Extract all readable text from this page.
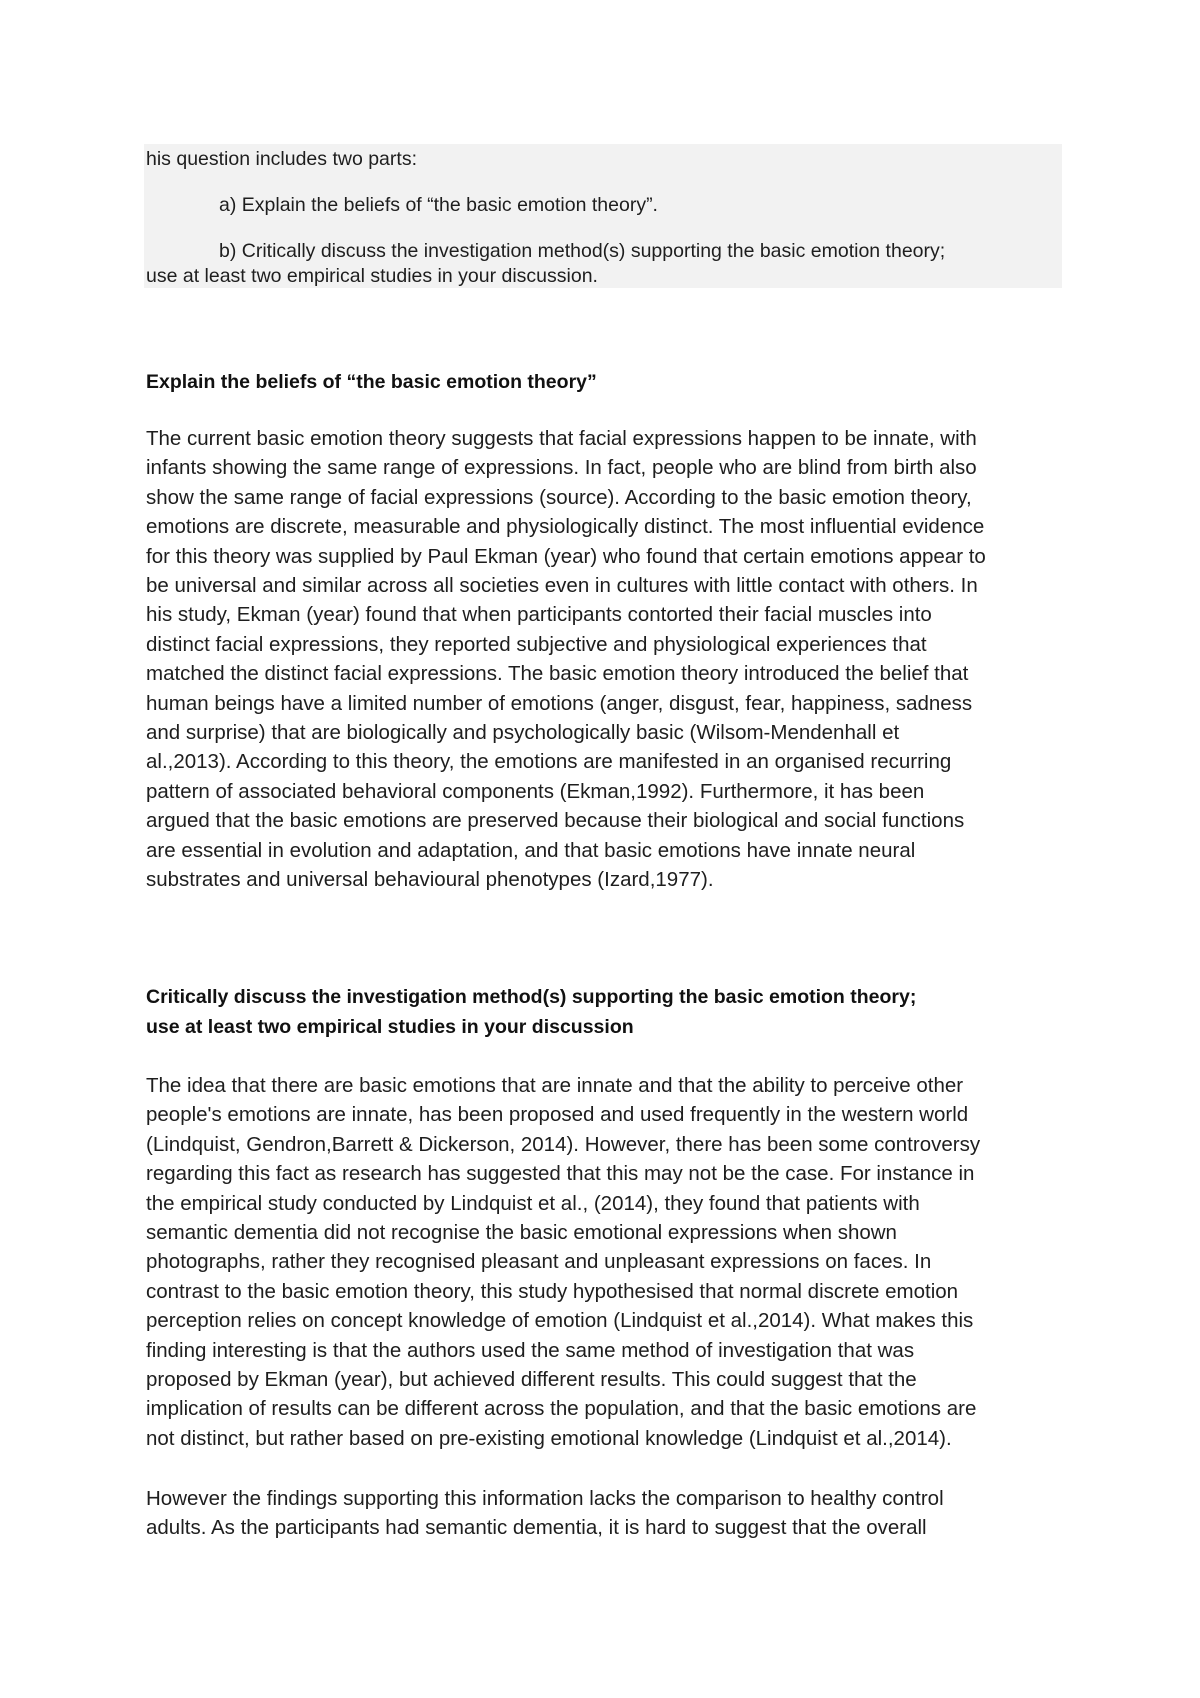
his question includes two parts:
a) Explain the beliefs of “the basic emotion theory”.
b) Critically discuss the investigation method(s) supporting the basic emotion theory;
use at least two empirical studies in your discussion.
Explain the beliefs of “the basic emotion theory”
The current basic emotion theory suggests that facial expressions happen to be innate, with
infants showing the same range of expressions. In fact, people who are blind from birth also
show the same range of facial expressions (source). According to the basic emotion theory,
emotions are discrete, measurable and physiologically distinct. The most influential evidence
for this theory was supplied by Paul Ekman (year) who found that certain emotions appear to
be universal and similar across all societies even in cultures with little contact with others. In
his study, Ekman (year) found that when participants contorted their facial muscles into
distinct facial expressions, they reported subjective and physiological experiences that
matched the distinct facial expressions. The basic emotion theory introduced the belief that
human beings have a limited number of emotions (anger, disgust, fear, happiness, sadness
and surprise) that are biologically and psychologically basic (Wilsom-Mendenhall et
al.,2013). According to this theory, the emotions are manifested in an organised recurring
pattern of associated behavioral components (Ekman,1992). Furthermore, it has been
argued that the basic emotions are preserved because their biological and social functions
are essential in evolution and adaptation, and that basic emotions have innate neural
substrates and universal behavioural phenotypes (Izard,1977).
Critically discuss the investigation method(s) supporting the basic emotion theory;
use at least two empirical studies in your discussion
The idea that there are basic emotions that are innate and that the ability to perceive other
people's emotions are innate, has been proposed and used frequently in the western world
(Lindquist, Gendron,Barrett & Dickerson, 2014). However, there has been some controversy
regarding this fact as research has suggested that this may not be the case. For instance in
the empirical study conducted by Lindquist et al., (2014), they found that patients with
semantic dementia did not recognise the basic emotional expressions when shown
photographs, rather they recognised pleasant and unpleasant expressions on faces. In
contrast to the basic emotion theory, this study hypothesised that normal discrete emotion
perception relies on concept knowledge of emotion (Lindquist et al.,2014). What makes this
finding interesting is that the authors used the same method of investigation that was
proposed by Ekman (year), but achieved different results. This could suggest that the
implication of results can be different across the population, and that the basic emotions are
not distinct, but rather based on pre-existing emotional knowledge (Lindquist et al.,2014).
However the findings supporting this information lacks the comparison to healthy control
adults. As the participants had semantic dementia, it is hard to suggest that the overall
